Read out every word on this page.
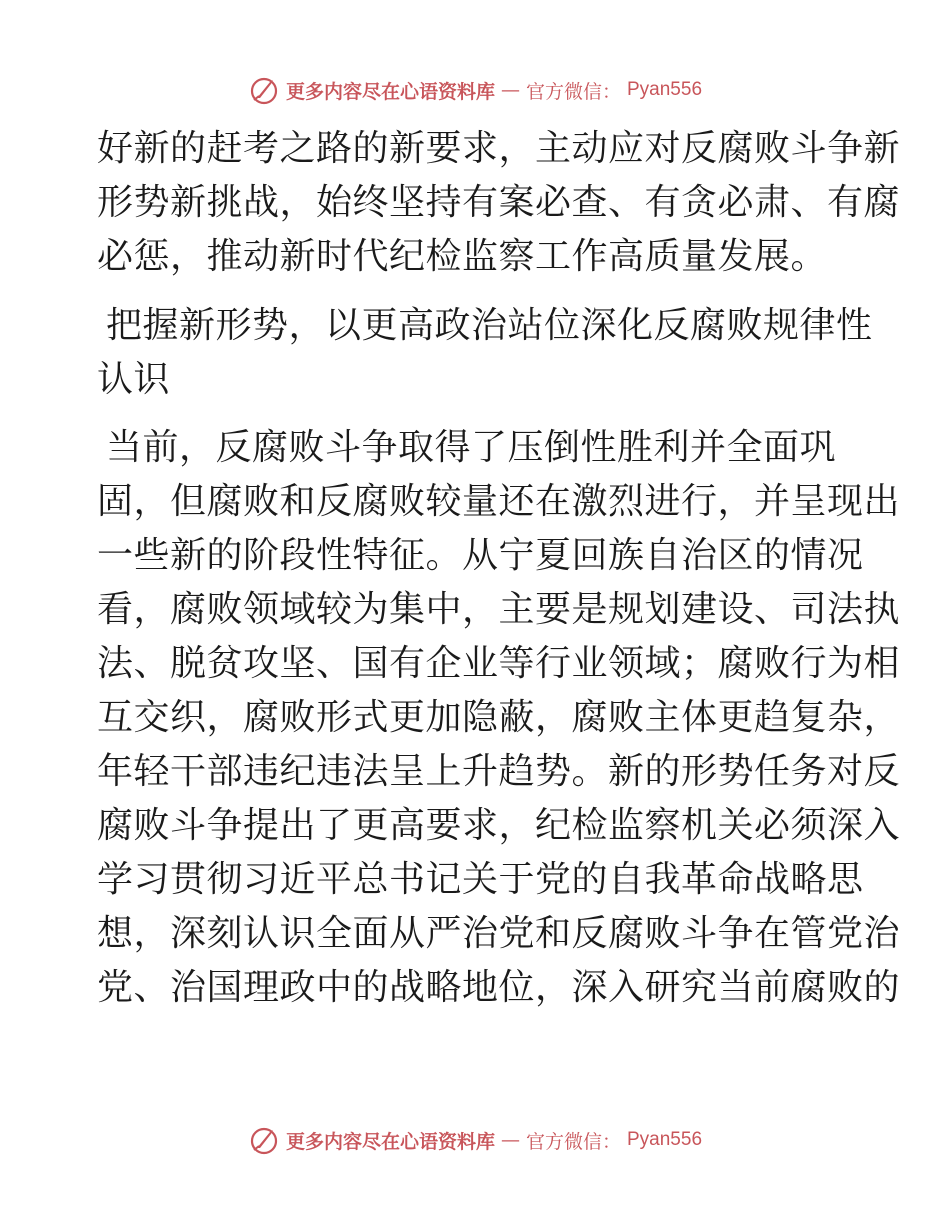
更多内容尽在心语资料库 — 官方微信： Pyan556
好新的赶考之路的新要求，主动应对反腐败斗争新
形势新挑战，始终坚持有案必查、有贪必肃、有腐
必惩，推动新时代纪检监察工作高质量发展。
把握新形势，以更高政治站位深化反腐败规律性
认识
当前，反腐败斗争取得了压倒性胜利并全面巩
固，但腐败和反腐败较量还在激烈进行，并呈现出
一些新的阶段性特征。从宁夏回族自治区的情况
看，腐败领域较为集中，主要是规划建设、司法执
法、脱贫攻坚、国有企业等行业领域；腐败行为相
互交织，腐败形式更加隐蔽，腐败主体更趋复杂，
年轻干部违纪违法呈上升趋势。新的形势任务对反
腐败斗争提出了更高要求，纪检监察机关必须深入
学习贯彻习近平总书记关于党的自我革命战略思
想，深刻认识全面从严治党和反腐败斗争在管党治
党、治国理政中的战略地位，深入研究当前腐败的
更多内容尽在心语资料库 — 官方微信： Pyan556
